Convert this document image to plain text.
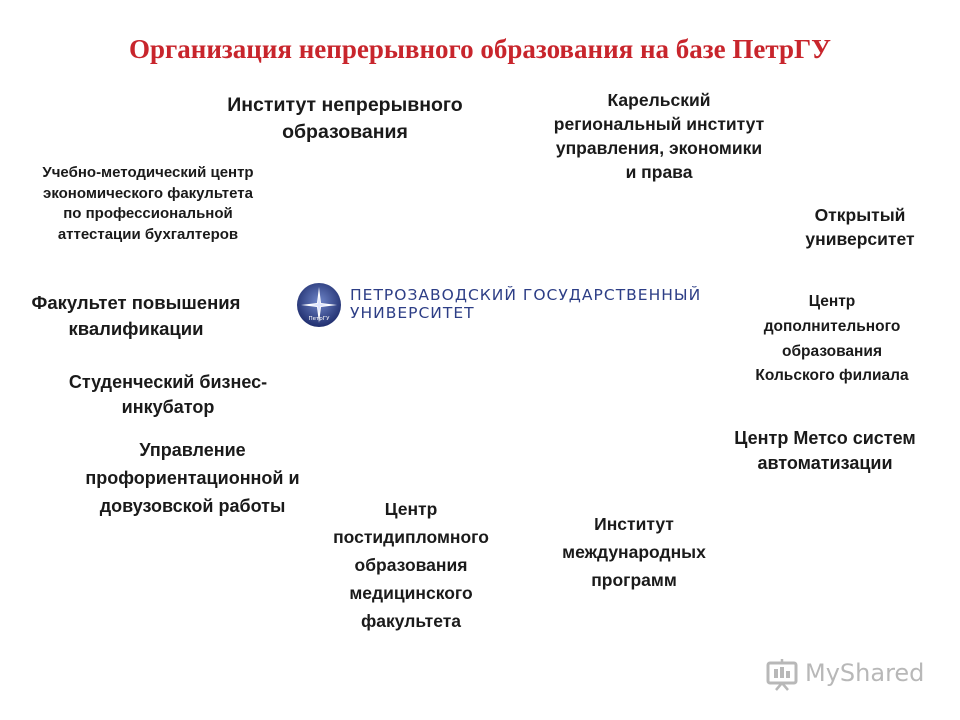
Организация непрерывного образования на базе ПетрГУ
Институт непрерывного
образования
Карельский
региональный институт
управления, экономики
и права
Учебно-методический центр
экономического факультета
по профессиональной
аттестации бухгалтеров
Открытый
университет
Факультет повышения
квалификации	ПетрГУ
ПЕТРОЗАВОДСКИЙ ГОСУДАРСТВЕННЫЙ
УНИВЕРСИТЕТ
Центр
дополнительного
образования
Кольского филиала
Студенческий бизнес-
инкубатор
Центр Метсо систем
автоматизации
Управление
профориентационной и
довузовской работы	Центр
постидипломного
образования
медицинского
факультета
Институт
международных
программ
MyShared
